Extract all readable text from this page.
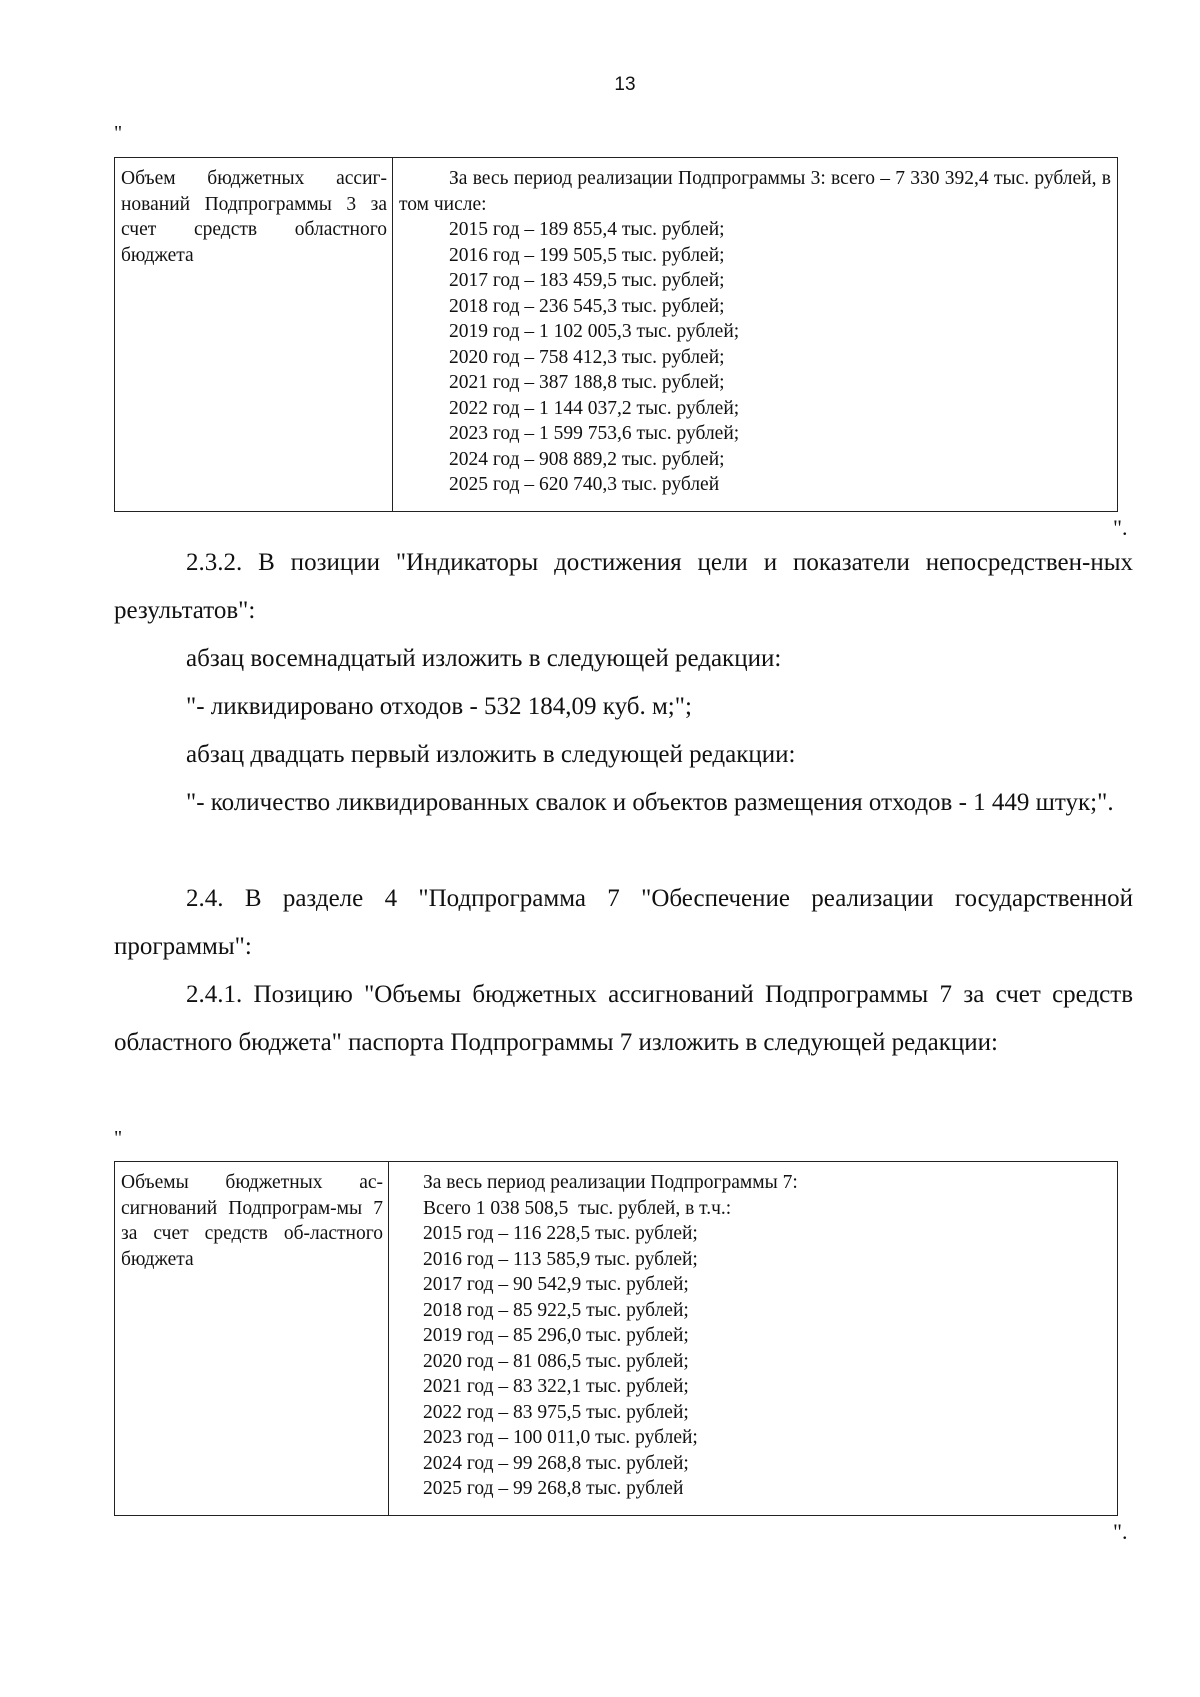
13
"
Объем бюджетных ассиг-нований Подпрограммы 3 за счет средств областного бюджета
За весь период реализации Подпрограммы 3: всего – 7 330 392,4 тыс. рублей, в том числе:
2015 год – 189 855,4 тыс. рублей;
2016 год – 199 505,5 тыс. рублей;
2017 год – 183 459,5 тыс. рублей;
2018 год – 236 545,3 тыс. рублей;
2019 год – 1 102 005,3 тыс. рублей;
2020 год – 758 412,3 тыс. рублей;
2021 год – 387 188,8 тыс. рублей;
2022 год – 1 144 037,2 тыс. рублей;
2023 год – 1 599 753,6 тыс. рублей;
2024 год – 908 889,2 тыс. рублей;
2025 год – 620 740,3 тыс. рублей
".
2.3.2. В позиции "Индикаторы достижения цели и показатели непосредствен-ных результатов":
абзац восемнадцатый изложить в следующей редакции:
"- ликвидировано отходов - 532 184,09 куб. м;";
абзац двадцать первый изложить в следующей редакции:
"- количество ликвидированных свалок и объектов размещения отходов - 1 449 штук;".
2.4. В разделе 4 "Подпрограмма 7 "Обеспечение реализации государственной программы":
2.4.1. Позицию "Объемы бюджетных ассигнований Подпрограммы 7 за счет средств областного бюджета" паспорта Подпрограммы 7 изложить в следующей редакции:
"
Объемы бюджетных ас-сигнований Подпрограм-мы 7 за счет средств об-ластного бюджета
За весь период реализации Подпрограммы 7:
Всего 1 038 508,5  тыс. рублей, в т.ч.:
2015 год – 116 228,5 тыс. рублей;
2016 год – 113 585,9 тыс. рублей;
2017 год – 90 542,9 тыс. рублей;
2018 год – 85 922,5 тыс. рублей;
2019 год – 85 296,0 тыс. рублей;
2020 год – 81 086,5 тыс. рублей;
2021 год – 83 322,1 тыс. рублей;
2022 год – 83 975,5 тыс. рублей;
2023 год – 100 011,0 тыс. рублей;
2024 год – 99 268,8 тыс. рублей;
2025 год – 99 268,8 тыс. рублей
".
